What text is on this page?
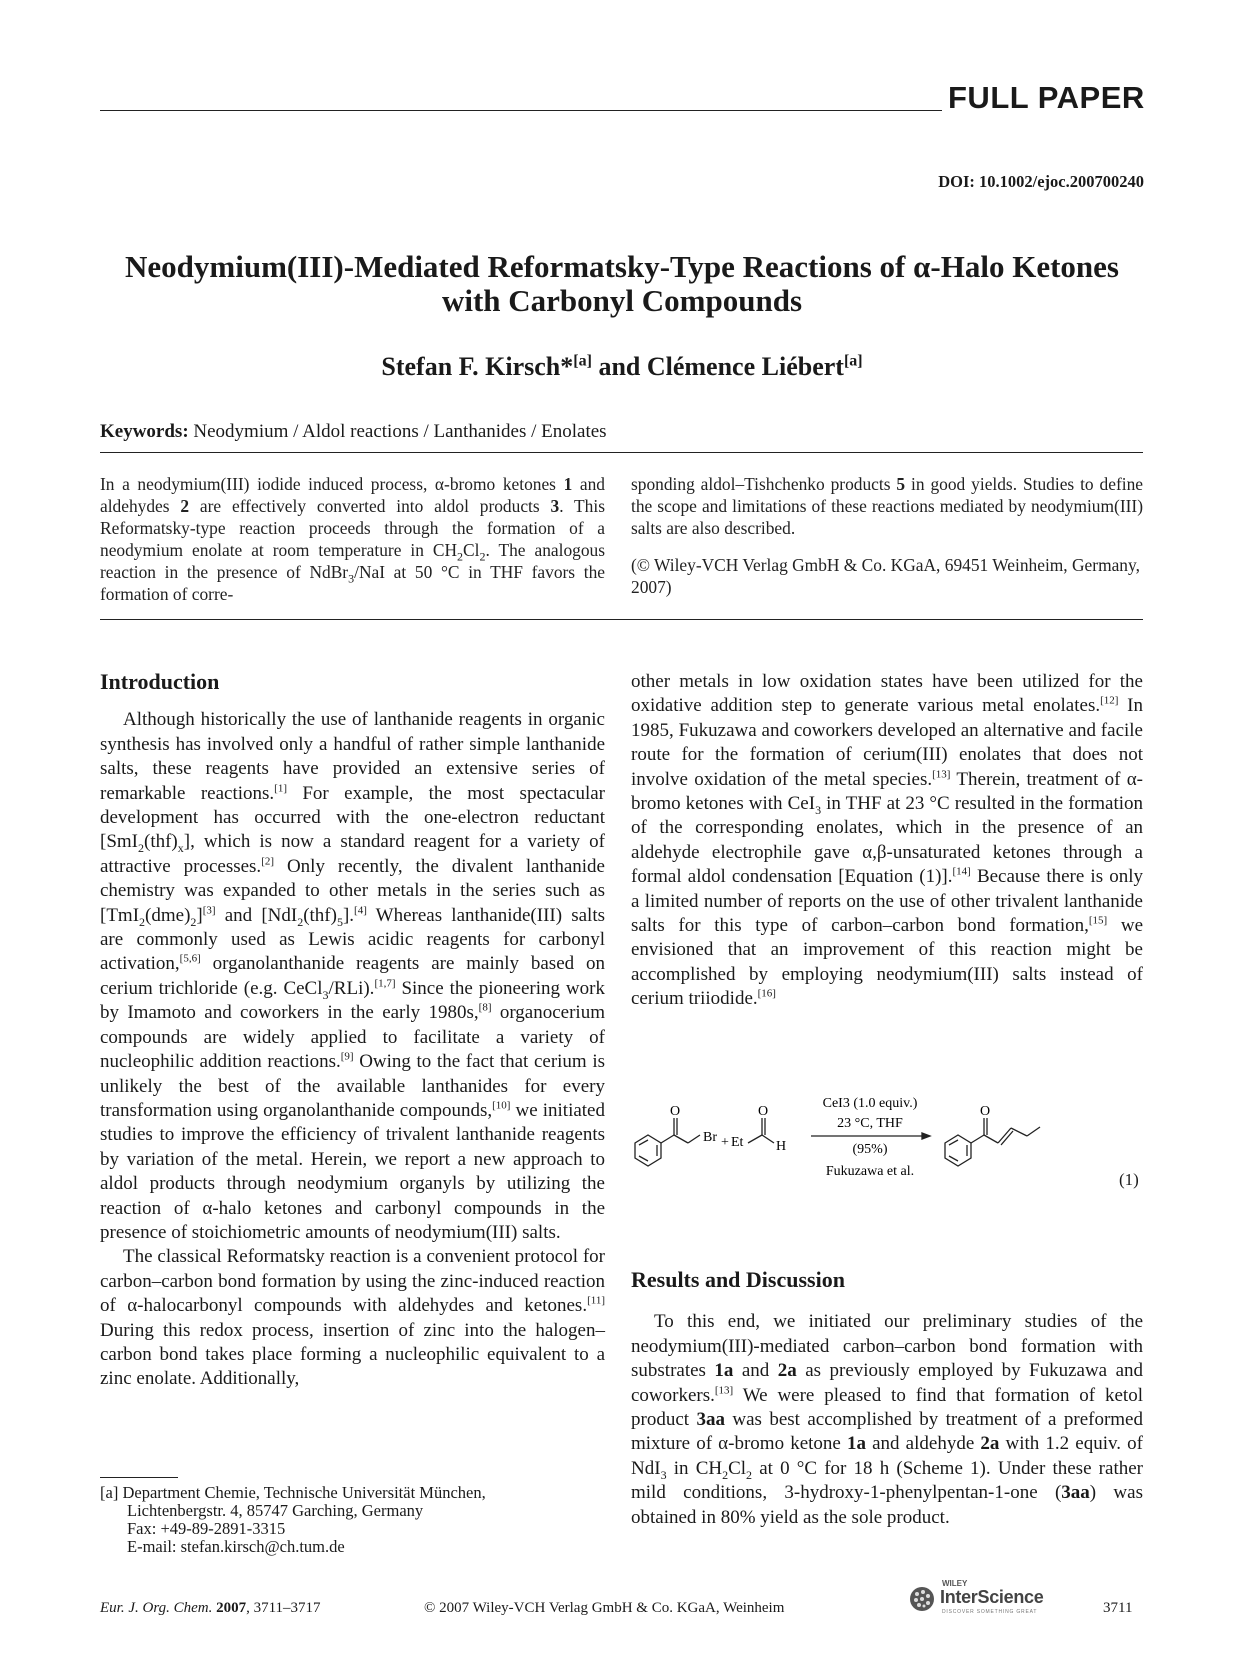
FULL PAPER
DOI: 10.1002/ejoc.200700240
Neodymium(III)-Mediated Reformatsky-Type Reactions of α-Halo Ketones
with Carbonyl Compounds
Stefan F. Kirsch*[a] and Clémence Liébert[a]
Keywords: Neodymium / Aldol reactions / Lanthanides / Enolates
In a neodymium(III) iodide induced process, α-bromo ketones 1 and aldehydes 2 are effectively converted into aldol products 3. This Reformatsky-type reaction proceeds through the formation of a neodymium enolate at room temperature in $CH_2Cl_2$. The analogous reaction in the presence of NdBr$_3$/NaI at 50 °C in THF favors the formation of corre-
sponding aldol–Tishchenko products 5 in good yields. Studies to define the scope and limitations of these reactions mediated by neodymium(III) salts are also described.
(© Wiley-VCH Verlag GmbH & Co. KGaA, 69451 Weinheim, Germany, 2007)
Introduction

Although historically the use of lanthanide reagents in organic synthesis has involved only a handful of rather simple lanthanide salts, these reagents have provided an extensive series of remarkable reactions.[1] For example, the most spectacular development has occurred with the one-electron reductant $[SmI_2(thf)_x]$, which is now a standard reagent for a variety of attractive processes.[2] Only recently, the divalent lanthanide chemistry was expanded to other metals in the series such as $[TmI_2(dme)_2][3]$ and $[NdI_2(thf)_5].[4]$ Whereas lanthanide(III) salts are commonly used as Lewis acidic reagents for carbonyl activation,[5,6] organolanthanide reagents are mainly based on cerium trichloride (e.g. CeCl$_3$/RLi).[1,7] Since the pioneering work by Imamoto and coworkers in the early 1980s,[8] organocerium compounds are widely applied to facilitate a variety of nucleophilic addition reactions.[9] Owing to the fact that cerium is unlikely the best of the available lanthanides for every transformation using organolanthanide compounds,[10] we initiated studies to improve the efficiency of trivalent lanthanide reagents by variation of the metal. Herein, we report a new approach to aldol products through neodymium organyls by utilizing the reaction of α-halo ketones and carbonyl compounds in the presence of stoichiometric amounts of neodymium(III) salts.

The classical Reformatsky reaction is a convenient protocol for carbon–carbon bond formation by using the zinc-induced reaction of α-halocarbonyl compounds with aldehydes and ketones.[11] During this redox process, insertion of zinc into the halogen–carbon bond takes place forming a nucleophilic equivalent to a zinc enolate. Additionally,

other metals in low oxidation states have been utilized for the oxidative addition step to generate various metal enolates.[12] In 1985, Fukuzawa and coworkers developed an alternative and facile route for the formation of cerium(III) enolates that does not involve oxidation of the metal species.[13] Therein, treatment of α-bromo ketones with CeI$_3$ in THF at 23 °C resulted in the formation of the corresponding enolates, which in the presence of an aldehyde electrophile gave α,β-unsaturated ketones through a formal aldol condensation [Equation (1)].[14] Because there is only a limited number of reports on the use of other trivalent lanthanide salts for this type of carbon–carbon bond formation,[15] we envisioned that an improvement of this reaction might be accomplished by employing neodymium(III) salts instead of cerium triiodide.[16]

O
Br + Et
O
H
CeI3 (1.0 equiv.)
23 °C, THF
(95%)
Fukuzawa et al.
O
(1)
Results and Discussion

To this end, we initiated our preliminary studies of the neodymium(III)-mediated carbon–carbon bond formation with substrates 1a and 2a as previously employed by Fukuzawa and coworkers.[13] We were pleased to find that formation of ketol product 3aa was best accomplished by treatment of a preformed mixture of α-bromo ketone 1a and aldehyde 2a with 1.2 equiv. of NdI$_3$ in $CH_2Cl_2$ at 0 °C for 18 h (Scheme 1). Under these rather mild conditions, 3-hydroxy-1-phenylpentan-1-one (3aa) was obtained in 80% yield as the sole product.

[a] Department Chemie, Technische Universität München,
Lichtenbergstr. 4, 85747 Garching, Germany
Fax: +49-89-2891-3315
E-mail: stefan.kirsch@ch.tum.de
Eur. J. Org. Chem. 2007, 3711–3717	© 2007 Wiley-VCH Verlag GmbH & Co. KGaA, Weinheim
WILEY
InterScience
DISCOVER SOMETHING GREAT	3711
